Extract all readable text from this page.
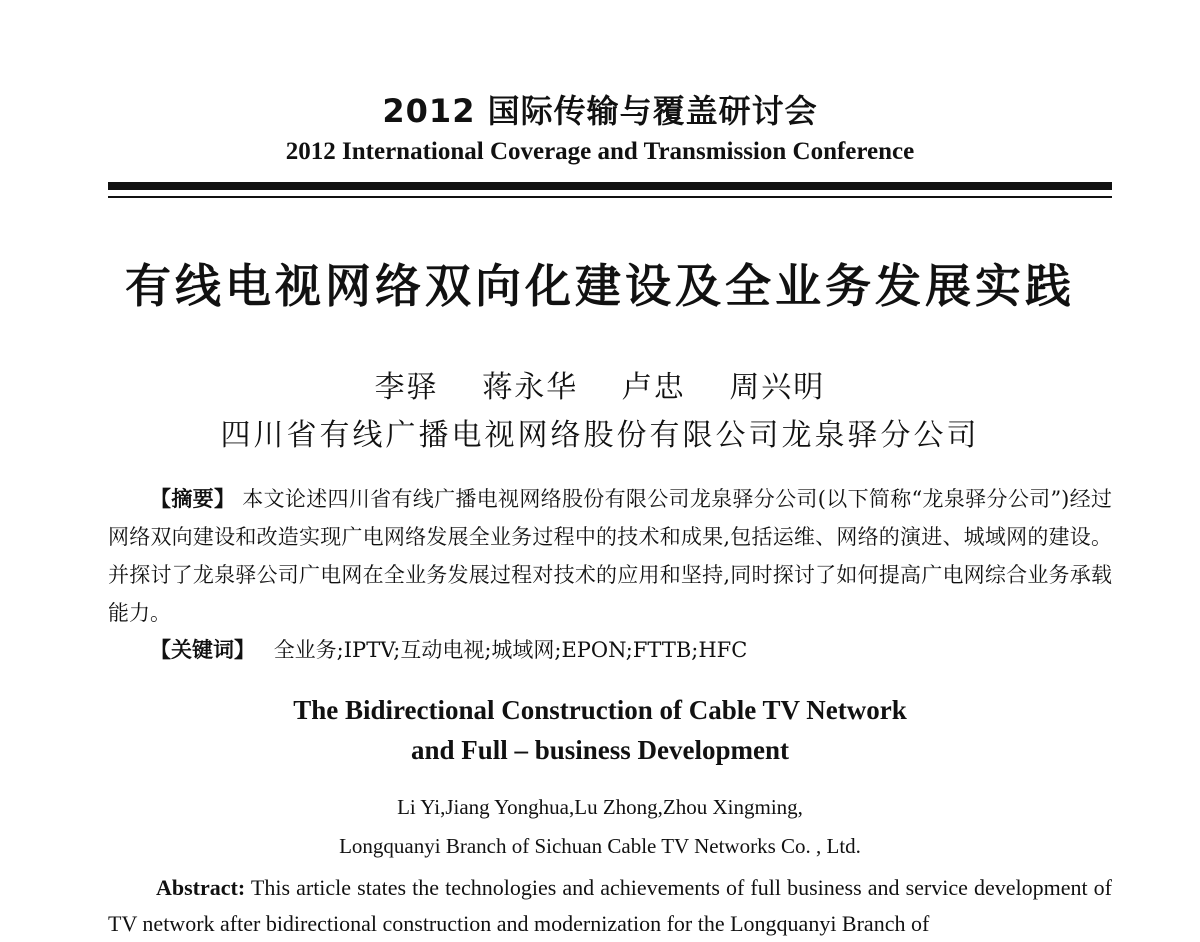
2012 国际传输与覆盖研讨会
2012 International Coverage and Transmission Conference
有线电视网络双向化建设及全业务发展实践
李驿 蒋永华 卢忠 周兴明
四川省有线广播电视网络股份有限公司龙泉驿分公司
【摘要】 本文论述四川省有线广播电视网络股份有限公司龙泉驿分公司(以下简称“龙泉驿分公司”)经过网络双向建设和改造实现广电网络发展全业务过程中的技术和成果,包括运维、网络的演进、城域网的建设。并探讨了龙泉驿公司广电网在全业务发展过程对技术的应用和坚持,同时探讨了如何提高广电网综合业务承载能力。
【关键词】 全业务;IPTV;互动电视;城域网;EPON;FTTB;HFC
The Bidirectional Construction of Cable TV Network
and Full – business Development
Li Yi,Jiang Yonghua,Lu Zhong,Zhou Xingming,
Longquanyi Branch of Sichuan Cable TV Networks Co. , Ltd.
Abstract: This article states the technologies and achievements of full business and service development of TV network after bidirectional construction and modernization for the Longquanyi Branch of
